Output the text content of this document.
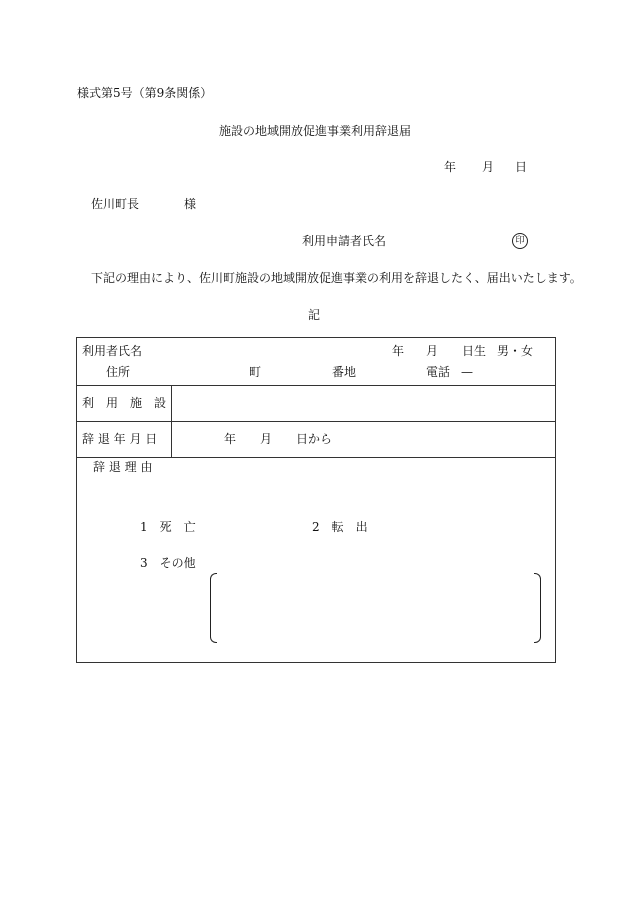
様式第5号（第9条関係）
施設の地域開放促進事業利用辞退届
年 月 日
佐川町長	様
利用申請者氏名	印
下記の理由により、佐川町施設の地域開放促進事業の利用を辞退したく、届出いたします。
記
利用者氏名	年 月 日生 男・女
住所	町	番地	電話 —
利　用　施　設
辞 退 年 月 日	年 月 日から
辞 退 理 由
1　死　亡	2　転　出
3　その他
